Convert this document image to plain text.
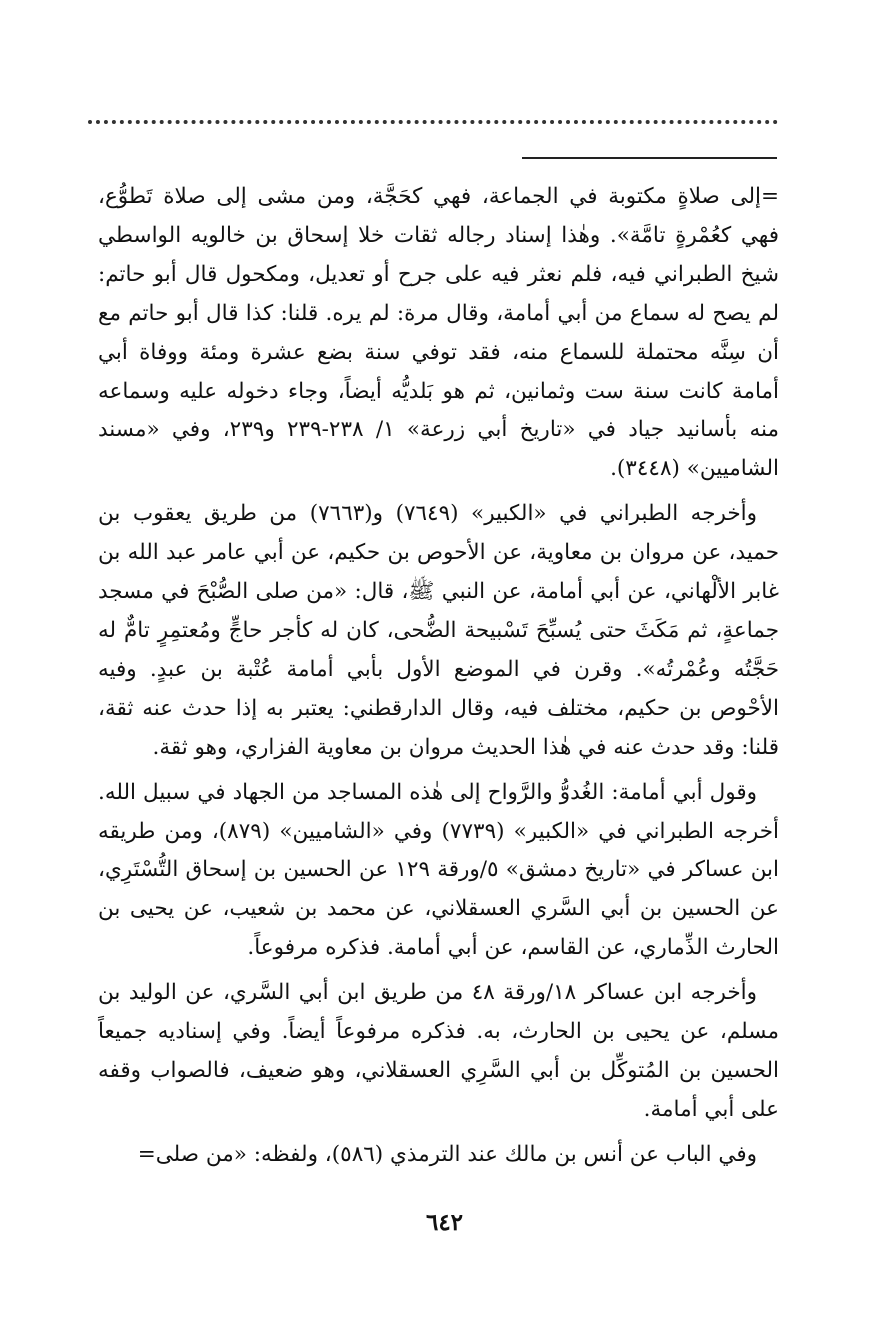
=إلى صلاةٍ مكتوبة في الجماعة، فهي كحَجَّة، ومن مشى إلى صلاة تَطوُّع، فهي كعُمْرةٍ تامَّة». وهٰذا إسناد رجاله ثقات خلا إسحاق بن خالويه الواسطي شيخ الطبراني فيه، فلم نعثر فيه على جرح أو تعديل، ومكحول قال أبو حاتم: لم يصح له سماع من أبي أمامة، وقال مرة: لم يره. قلنا: كذا قال أبو حاتم مع أن سِنَّه محتملة للسماع منه، فقد توفي سنة بضع عشرة ومئة ووفاة أبي أمامة كانت سنة ست وثمانين، ثم هو بَلديُّه أيضاً، وجاء دخوله عليه وسماعه منه بأسانيد جياد في «تاريخ أبي زرعة» ١/ ٢٣٨-٢٣٩ و٢٣٩، وفي «مسند الشاميين» (٣٤٤٨).

وأخرجه الطبراني في «الكبير» (٧٦٤٩) و(٧٦٦٣) من طريق يعقوب بن حميد، عن مروان بن معاوية، عن الأحوص بن حكيم، عن أبي عامر عبد الله بن غابر الألْهاني، عن أبي أمامة، عن النبي ﷺ، قال: «من صلى الصُّبْحَ في مسجد جماعةٍ، ثم مَكَثَ حتى يُسبِّحَ تَسْبيحة الضُّحى، كان له كأجر حاجٍّ ومُعتمِرٍ تامٌّ له حَجَّتُه وعُمْرتُه». وقرن في الموضع الأول بأبي أمامة عُتْبة بن عبدٍ. وفيه الأحْوص بن حكيم، مختلف فيه، وقال الدارقطني: يعتبر به إذا حدث عنه ثقة، قلنا: وقد حدث عنه في هٰذا الحديث مروان بن معاوية الفزاري، وهو ثقة.

وقول أبي أمامة: الغُدوُّ والرَّواح إلى هٰذه المساجد من الجهاد في سبيل الله. أخرجه الطبراني في «الكبير» (٧٧٣٩) وفي «الشاميين» (٨٧٩)، ومن طريقه ابن عساكر في «تاريخ دمشق» ٥/ورقة ١٢٩ عن الحسين بن إسحاق التُّسْتَرِي، عن الحسين بن أبي السَّري العسقلاني، عن محمد بن شعيب، عن يحيى بن الحارث الذِّماري، عن القاسم، عن أبي أمامة. فذكره مرفوعاً.

وأخرجه ابن عساكر ١٨/ورقة ٤٨ من طريق ابن أبي السَّري، عن الوليد بن مسلم، عن يحيى بن الحارث، به. فذكره مرفوعاً أيضاً. وفي إسناديه جميعاً الحسين بن المُتوكِّل بن أبي السَّرِي العسقلاني، وهو ضعيف، فالصواب وقفه على أبي أمامة.

وفي الباب عن أنس بن مالك عند الترمذي (٥٨٦)، ولفظه: «من صلى=

٦٤٢
